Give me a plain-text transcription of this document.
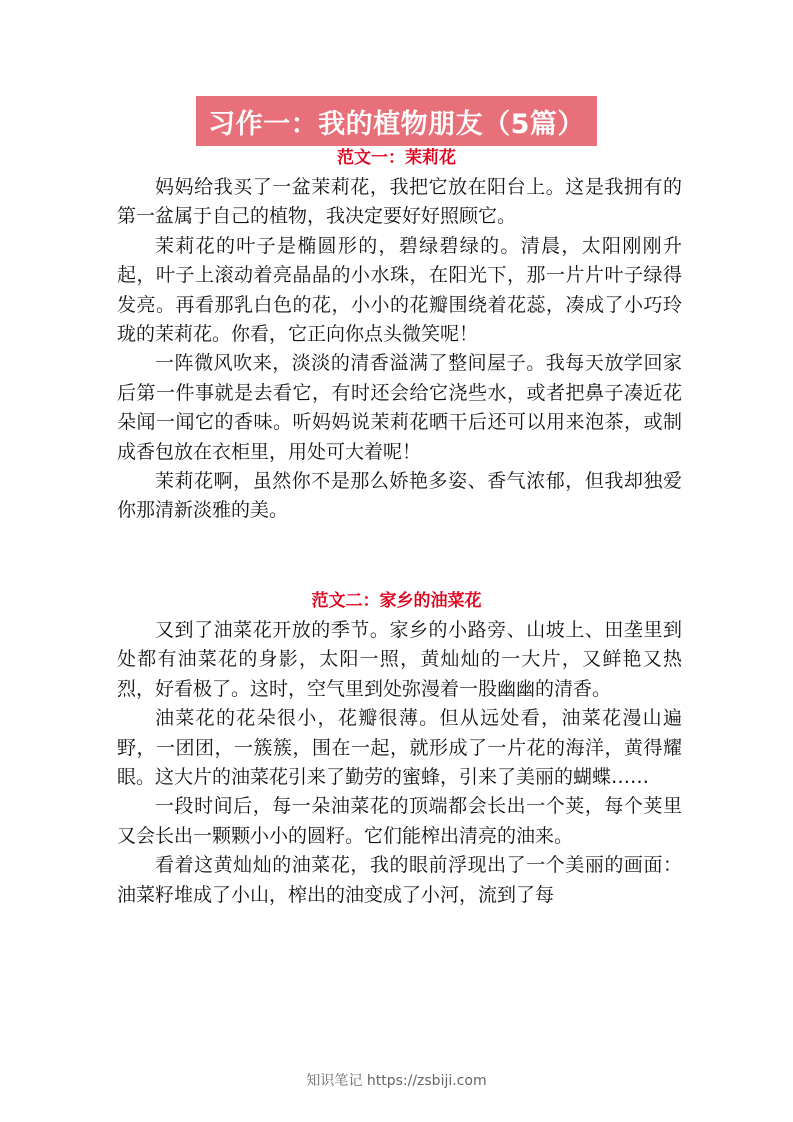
习作一：我的植物朋友（5篇）
范文一：茉莉花

妈妈给我买了一盆茉莉花，我把它放在阳台上。这是我拥有的第一盆属于自己的植物，我决定要好好照顾它。

茉莉花的叶子是椭圆形的，碧绿碧绿的。清晨，太阳刚刚升起，叶子上滚动着亮晶晶的小水珠，在阳光下，那一片片叶子绿得发亮。再看那乳白色的花，小小的花瓣围绕着花蕊，凑成了小巧玲珑的茉莉花。你看，它正向你点头微笑呢！

一阵微风吹来，淡淡的清香溢满了整间屋子。我每天放学回家后第一件事就是去看它，有时还会给它浇些水，或者把鼻子凑近花朵闻一闻它的香味。听妈妈说茉莉花晒干后还可以用来泡茶，或制成香包放在衣柜里，用处可大着呢！

茉莉花啊，虽然你不是那么娇艳多姿、香气浓郁，但我却独爱你那清新淡雅的美。

范文二：家乡的油菜花

又到了油菜花开放的季节。家乡的小路旁、山坡上、田垄里到处都有油菜花的身影，太阳一照，黄灿灿的一大片，又鲜艳又热烈，好看极了。这时，空气里到处弥漫着一股幽幽的清香。

油菜花的花朵很小，花瓣很薄。但从远处看，油菜花漫山遍野，一团团，一簇簇，围在一起，就形成了一片花的海洋，黄得耀眼。这大片的油菜花引来了勤劳的蜜蜂，引来了美丽的蝴蝶……

一段时间后，每一朵油菜花的顶端都会长出一个荚，每个荚里又会长出一颗颗小小的圆籽。它们能榨出清亮的油来。

看着这黄灿灿的油菜花，我的眼前浮现出了一个美丽的画面：油菜籽堆成了小山，榨出的油变成了小河，流到了每

知识笔记 https://zsbiji.com
